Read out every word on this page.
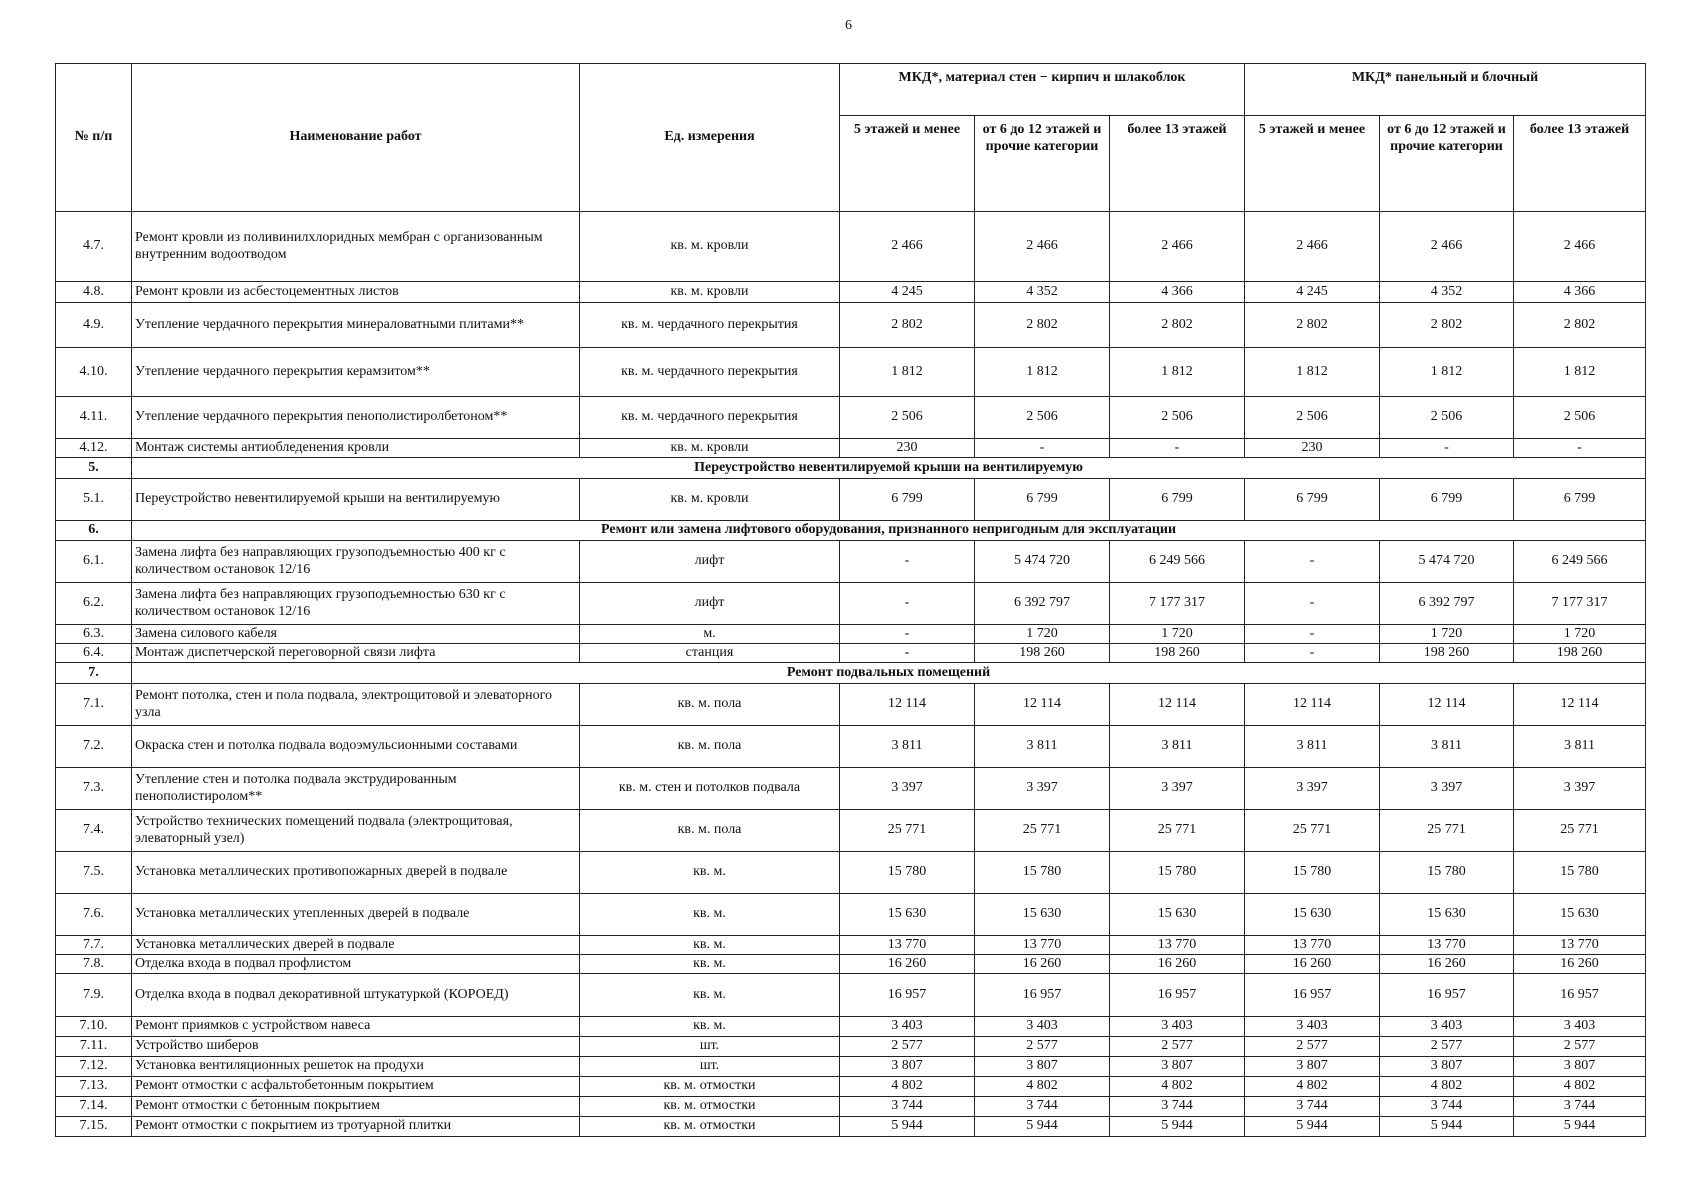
6
№ п/п	Наименование работ	Ед. измерения	МКД*, материал стен − кирпич и шлакоблок			МКД* панельный и блочный		
			5 этажей и менее	от 6 до 12 этажей и прочие категории	более 13 этажей	5 этажей и менее	от 6 до 12 этажей и прочие категории	более 13 этажей
4.7.	Ремонт кровли из поливинилхлоридных мембран с организованным внутренним водоотводом	кв. м. кровли	2 466	2 466	2 466	2 466	2 466	2 466
4.8.	Ремонт кровли из асбестоцементных листов	кв. м. кровли	4 245	4 352	4 366	4 245	4 352	4 366
4.9.	Утепление чердачного перекрытия минераловатными плитами**	кв. м. чердачного перекрытия	2 802	2 802	2 802	2 802	2 802	2 802
4.10.	Утепление чердачного перекрытия керамзитом**	кв. м. чердачного перекрытия	1 812	1 812	1 812	1 812	1 812	1 812
4.11.	Утепление чердачного перекрытия пенополистиролбетоном**	кв. м. чердачного перекрытия	2 506	2 506	2 506	2 506	2 506	2 506
4.12.	Монтаж системы антиобледенения кровли	кв. м. кровли	230	-	-	230	-	-
5.	Переустройство невентилируемой крыши на вентилируемую							
5.1.	Переустройство невентилируемой крыши на вентилируемую	кв. м. кровли	6 799	6 799	6 799	6 799	6 799	6 799
6.	Ремонт или замена лифтового оборудования, признанного непригодным для эксплуатации							
6.1.	Замена лифта без направляющих грузоподъемностью 400 кг с количеством остановок 12/16	лифт	-	5 474 720	6 249 566	-	5 474 720	6 249 566
6.2.	Замена лифта без направляющих грузоподъемностью 630 кг с количеством остановок 12/16	лифт	-	6 392 797	7 177 317	-	6 392 797	7 177 317
6.3.	Замена силового кабеля	м.	-	1 720	1 720	-	1 720	1 720
6.4.	Монтаж диспетчерской переговорной связи лифта	станция	-	198 260	198 260	-	198 260	198 260
7.	Ремонт подвальных помещений							
7.1.	Ремонт потолка, стен и пола подвала, электрощитовой и элеваторного узла	кв. м. пола	12 114	12 114	12 114	12 114	12 114	12 114
7.2.	Окраска стен и потолка подвала водоэмульсионными составами	кв. м. пола	3 811	3 811	3 811	3 811	3 811	3 811
7.3.	Утепление стен и потолка подвала экструдированным пенополистиролом**	кв. м. стен и потолков подвала	3 397	3 397	3 397	3 397	3 397	3 397
7.4.	Устройство технических помещений подвала (электрощитовая, элеваторный узел)	кв. м. пола	25 771	25 771	25 771	25 771	25 771	25 771
7.5.	Установка металлических противопожарных дверей в подвале	кв. м.	15 780	15 780	15 780	15 780	15 780	15 780
7.6.	Установка металлических утепленных дверей в подвале	кв. м.	15 630	15 630	15 630	15 630	15 630	15 630
7.7.	Установка металлических дверей в подвале	кв. м.	13 770	13 770	13 770	13 770	13 770	13 770
7.8.	Отделка входа в подвал профлистом	кв. м.	16 260	16 260	16 260	16 260	16 260	16 260
7.9.	Отделка входа в подвал декоративной штукатуркой (КОРОЕД)	кв. м.	16 957	16 957	16 957	16 957	16 957	16 957
7.10.	Ремонт приямков с устройством навеса	кв. м.	3 403	3 403	3 403	3 403	3 403	3 403
7.11.	Устройство шиберов	шт.	2 577	2 577	2 577	2 577	2 577	2 577
7.12.	Установка вентиляционных решеток на продухи	шт.	3 807	3 807	3 807	3 807	3 807	3 807
7.13.	Ремонт отмостки с асфальтобетонным покрытием	кв. м. отмостки	4 802	4 802	4 802	4 802	4 802	4 802
7.14.	Ремонт отмостки с бетонным покрытием	кв. м. отмостки	3 744	3 744	3 744	3 744	3 744	3 744
7.15.	Ремонт отмостки с покрытием из тротуарной плитки	кв. м. отмостки	5 944	5 944	5 944	5 944	5 944	5 944
